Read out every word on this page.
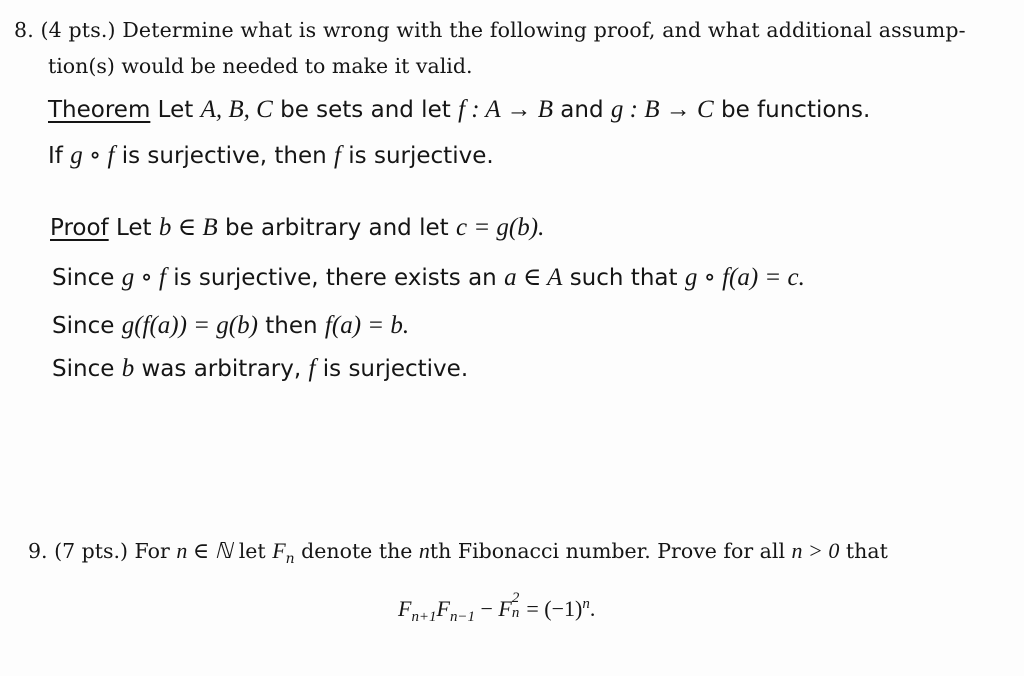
8. (4 pts.) Determine what is wrong with the following proof, and what additional assump-
tion(s) would be needed to make it valid.
Theorem Let A, B, C be sets and let f : A → B and g : B → C be functions.
If g ∘ f is surjective, then f is surjective.
Proof Let b ∈ B be arbitrary and let c = g(b).
Since g ∘ f is surjective, there exists an a ∈ A such that g ∘ f(a) = c.
Since g(f(a)) = g(b) then f(a) = b.
Since b was arbitrary, f is surjective.
9. (7 pts.) For n ∈ ℕ let $F_n$ denote the nth Fibonacci number. Prove for all n > 0 that
$F_{n+1}F_{n-1} - F$ 2
$n = (-1)^n$.
